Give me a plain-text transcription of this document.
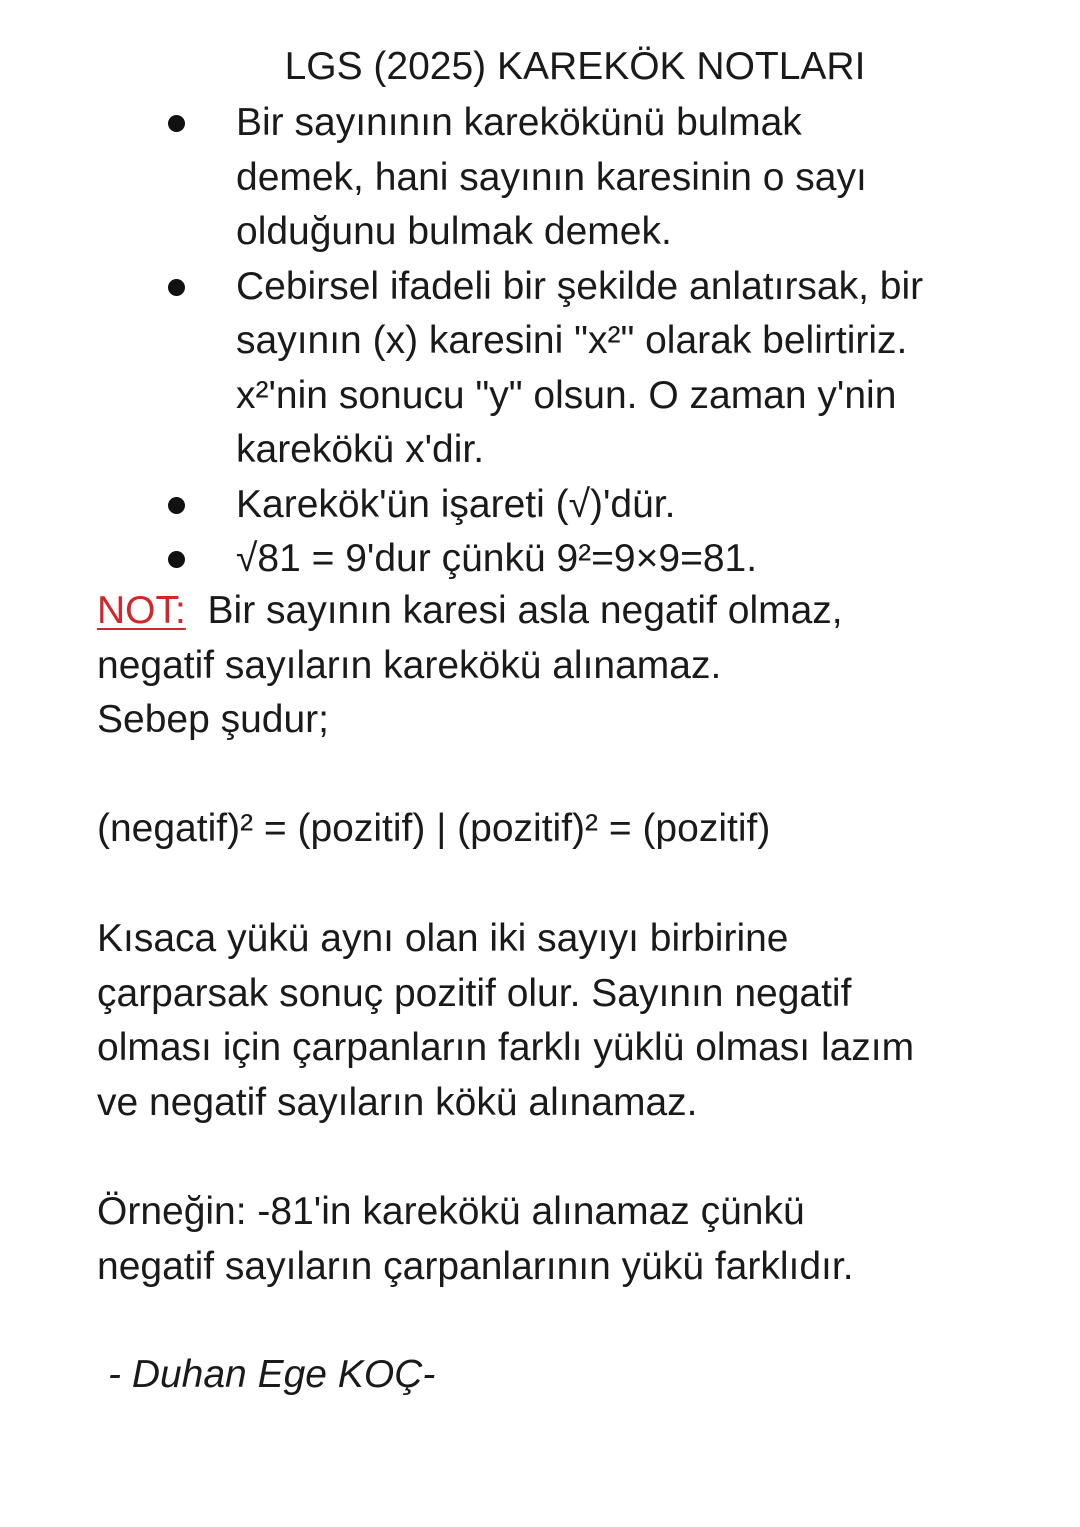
LGS (2025) KAREKÖK NOTLARI
Bir sayınının karekökünü bulmak
demek, hani sayının karesinin o sayı
olduğunu bulmak demek.
Cebirsel ifadeli bir şekilde anlatırsak, bir
sayının (x) karesini "x²" olarak belirtiriz.
x²'nin sonucu "y" olsun. O zaman y'nin
karekökü x'dir.
Karekök'ün işareti (√)'dür.
√81 = 9'dur çünkü 9²=9×9=81.
NOT: Bir sayının karesi asla negatif olmaz,
negatif sayıların karekökü alınamaz.
Sebep şudur;
(negatif)² = (pozitif) | (pozitif)² = (pozitif)
Kısaca yükü aynı olan iki sayıyı birbirine
çarparsak sonuç pozitif olur. Sayının negatif
olması için çarpanların farklı yüklü olması lazım
ve negatif sayıların kökü alınamaz.
Örneğin: -81'in karekökü alınamaz çünkü
negatif sayıların çarpanlarının yükü farklıdır.
- Duhan Ege KOÇ-
